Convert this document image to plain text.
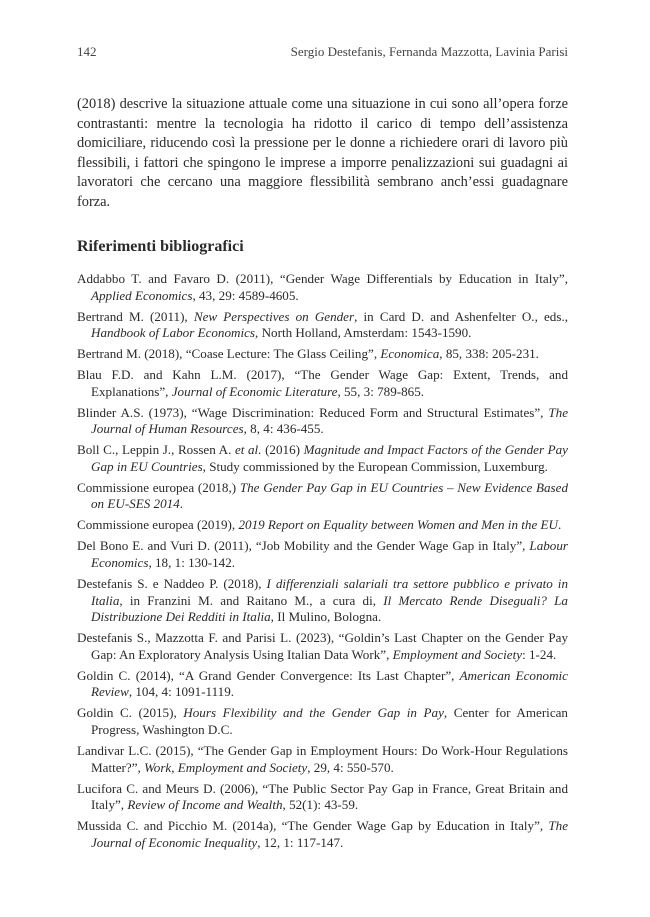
142	Sergio Destefanis, Fernanda Mazzotta, Lavinia Parisi

(2018) descrive la situazione attuale come una situazione in cui sono all’opera forze contrastanti: mentre la tecnologia ha ridotto il carico di tempo dell’assistenza domiciliare, riducendo così la pressione per le donne a richiedere orari di lavoro più flessibili, i fattori che spingono le imprese a imporre penalizzazioni sui guadagni ai lavoratori che cercano una maggiore flessibilità sembrano anch’essi guadagnare forza.

Riferimenti bibliografici
Addabbo T. and Favaro D. (2011), “Gender Wage Differentials by Education in Italy”, Applied Economics, 43, 29: 4589-4605.
Bertrand M. (2011), New Perspectives on Gender, in Card D. and Ashenfelter O., eds., Handbook of Labor Economics, North Holland, Amsterdam: 1543-1590.
Bertrand M. (2018), “Coase Lecture: The Glass Ceiling”, Economica, 85, 338: 205-231.
Blau F.D. and Kahn L.M. (2017), “The Gender Wage Gap: Extent, Trends, and Explanations”, Journal of Economic Literature, 55, 3: 789-865.
Blinder A.S. (1973), “Wage Discrimination: Reduced Form and Structural Estimates”, The Journal of Human Resources, 8, 4: 436-455.
Boll C., Leppin J., Rossen A. et al. (2016) Magnitude and Impact Factors of the Gender Pay Gap in EU Countries, Study commissioned by the European Commission, Luxemburg.
Commissione europea (2018,) The Gender Pay Gap in EU Countries – New Evidence Based on EU-SES 2014.
Commissione europea (2019), 2019 Report on Equality between Women and Men in the EU.
Del Bono E. and Vuri D. (2011), “Job Mobility and the Gender Wage Gap in Italy”, Labour Economics, 18, 1: 130-142.
Destefanis S. e Naddeo P. (2018), I differenziali salariali tra settore pubblico e privato in Italia, in Franzini M. and Raitano M., a cura di, Il Mercato Rende Diseguali? La Distribuzione Dei Redditi in Italia, Il Mulino, Bologna.
Destefanis S., Mazzotta F. and Parisi L. (2023), “Goldin’s Last Chapter on the Gender Pay Gap: An Exploratory Analysis Using Italian Data Work”, Employment and Society: 1-24.
Goldin C. (2014), “A Grand Gender Convergence: Its Last Chapter”, American Economic Review, 104, 4: 1091-1119.
Goldin C. (2015), Hours Flexibility and the Gender Gap in Pay, Center for American Progress, Washington D.C.
Landivar L.C. (2015), “The Gender Gap in Employment Hours: Do Work-Hour Regulations Matter?”, Work, Employment and Society, 29, 4: 550-570.
Lucifora C. and Meurs D. (2006), “The Public Sector Pay Gap in France, Great Britain and Italy”, Review of Income and Wealth, 52(1): 43-59.
Mussida C. and Picchio M. (2014a), “The Gender Wage Gap by Education in Italy”, The Journal of Economic Inequality, 12, 1: 117-147.
